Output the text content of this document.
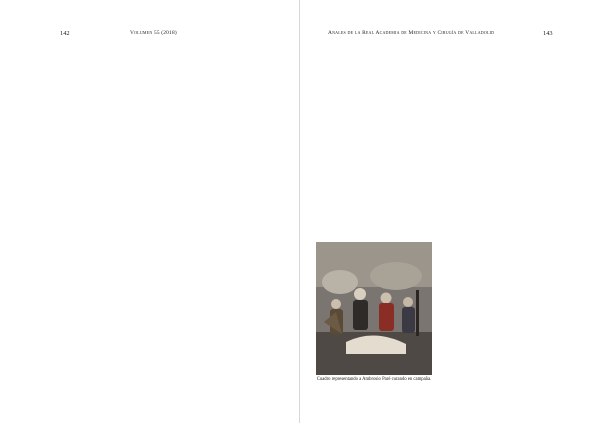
142	Volumen 55 (2018)	Anales de la Real Academia de Medicina y Cirugía de Valladolid	143

Cuadro representando a Ambrosio Paré curando en campaña.
